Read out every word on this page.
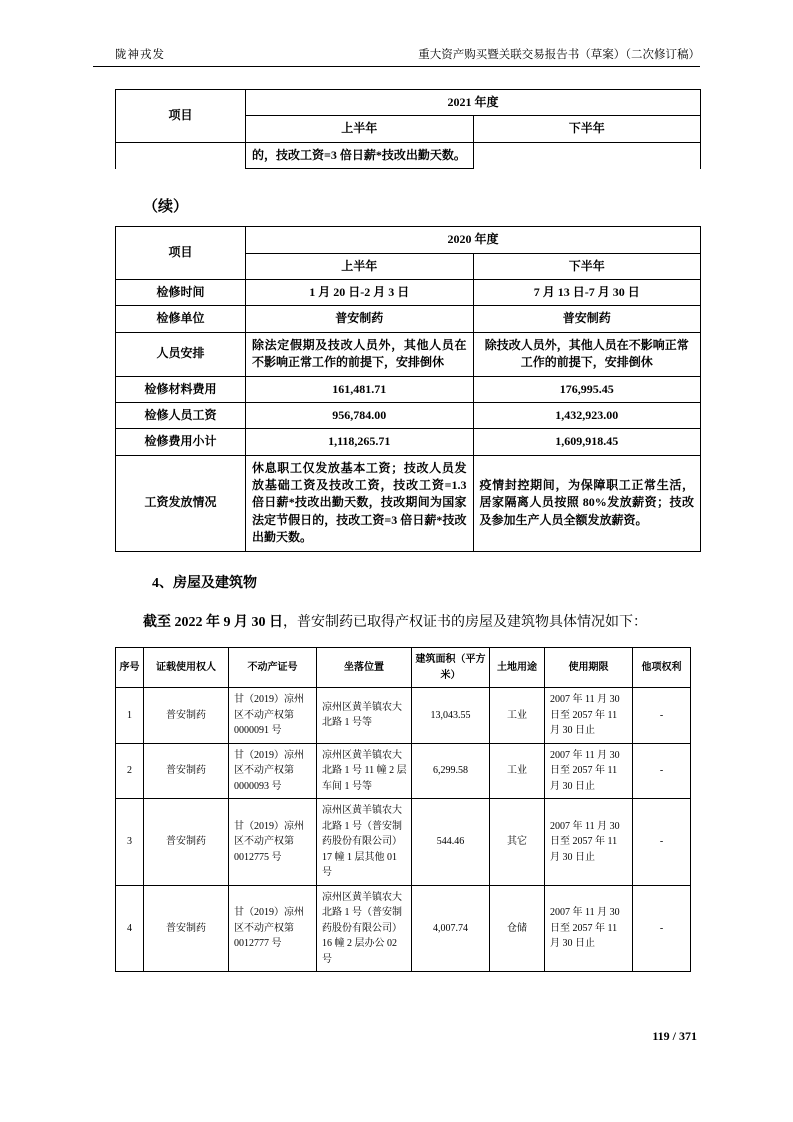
陇神戎发	重大资产购买暨关联交易报告书（草案）（二次修订稿）
项目	2021 年度	
	上半年	下半年
	的，技改工资=3 倍日薪*技改出勤天数。	
（续）
项目	2020 年度	
	上半年	下半年
检修时间	1 月 20 日-2 月 3 日	7 月 13 日-7 月 30 日
检修单位	普安制药	普安制药
人员安排	除法定假期及技改人员外，其他人员在不影响正常工作的前提下，安排倒休	除技改人员外，其他人员在不影响正常工作的前提下，安排倒休
检修材料费用	161,481.71	176,995.45
检修人员工资	956,784.00	1,432,923.00
检修费用小计	1,118,265.71	1,609,918.45
工资发放情况	休息职工仅发放基本工资；技改人员发放基础工资及技改工资，技改工资=1.3 倍日薪*技改出勤天数，技改期间为国家法定节假日的，技改工资=3 倍日薪*技改出勤天数。	疫情封控期间，为保障职工正常生活，居家隔离人员按照 80%发放薪资；技改及参加生产人员全额发放薪资。
4、房屋及建筑物

截至 2022 年 9 月 30 日，普安制药已取得产权证书的房屋及建筑物具体情况如下：

序号	证载使用权人	不动产证号	坐落位置	建筑面积（平方米）	土地用途	使用期限	他项权利
1	普安制药	甘（2019）凉州区不动产权第 0000091 号	凉州区黄羊镇农大北路 1 号等	13,043.55	工业	2007 年 11 月 30 日至 2057 年 11 月 30 日止	-
2	普安制药	甘（2019）凉州区不动产权第 0000093 号	凉州区黄羊镇农大北路 1 号 11 幢 2 层车间 1 号等	6,299.58	工业	2007 年 11 月 30 日至 2057 年 11 月 30 日止	-
3	普安制药	甘（2019）凉州区不动产权第 0012775 号	凉州区黄羊镇农大北路 1 号（普安制药股份有限公司）17 幢 1 层其他 01 号	544.46	其它	2007 年 11 月 30 日至 2057 年 11 月 30 日止	-
4	普安制药	甘（2019）凉州区不动产权第 0012777 号	凉州区黄羊镇农大北路 1 号（普安制药股份有限公司）16 幢 2 层办公 02 号	4,007.74	仓储	2007 年 11 月 30 日至 2057 年 11 月 30 日止	-
119 / 371
